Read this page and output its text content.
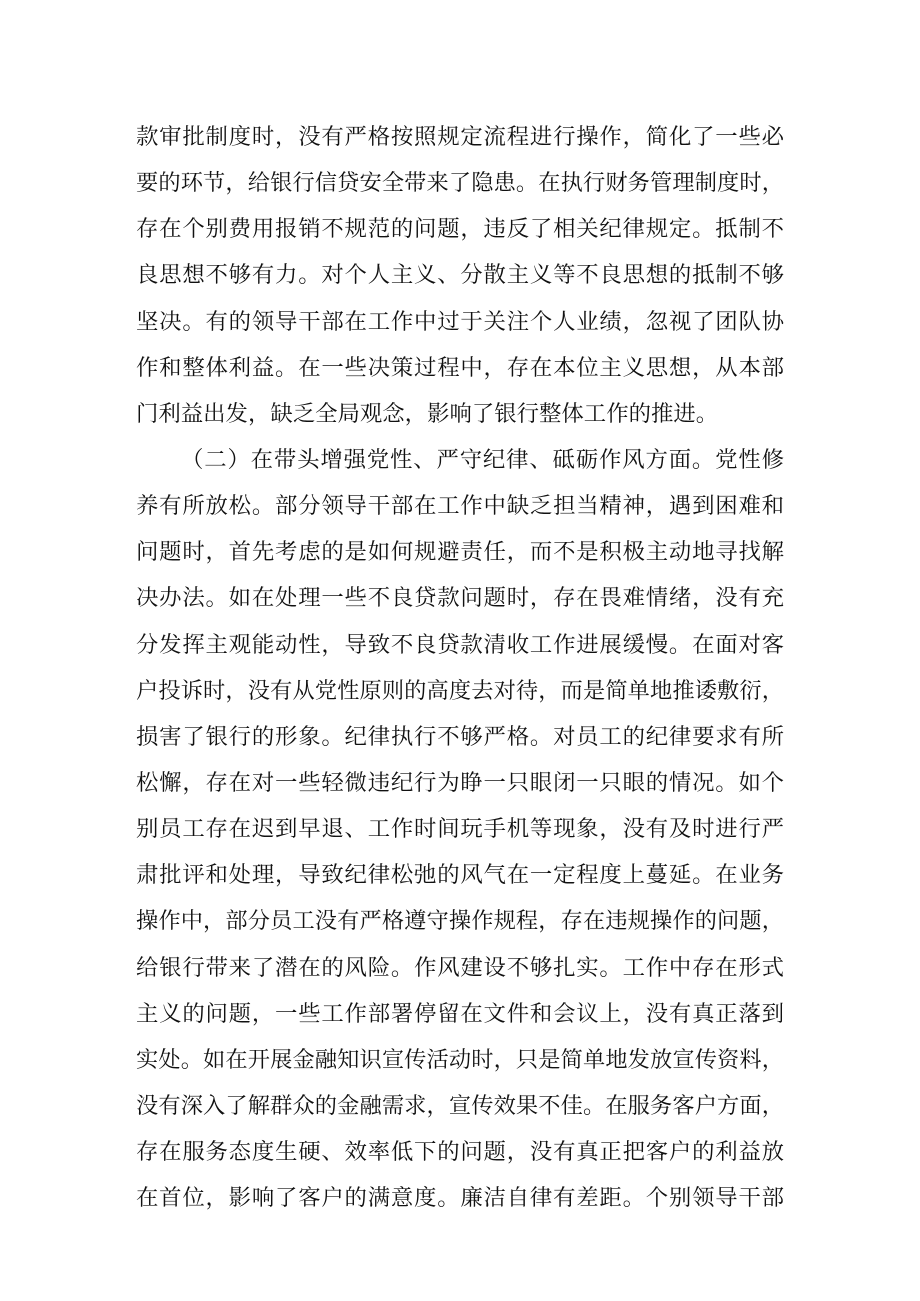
款审批制度时，没有严格按照规定流程进行操作，简化了一些必
要的环节，给银行信贷安全带来了隐患。在执行财务管理制度时，
存在个别费用报销不规范的问题，违反了相关纪律规定。抵制不
良思想不够有力。对个人主义、分散主义等不良思想的抵制不够
坚决。有的领导干部在工作中过于关注个人业绩，忽视了团队协
作和整体利益。在一些决策过程中，存在本位主义思想，从本部
门利益出发，缺乏全局观念，影响了银行整体工作的推进。
（二）在带头增强党性、严守纪律、砥砺作风方面。党性修
养有所放松。部分领导干部在工作中缺乏担当精神，遇到困难和
问题时，首先考虑的是如何规避责任，而不是积极主动地寻找解
决办法。如在处理一些不良贷款问题时，存在畏难情绪，没有充
分发挥主观能动性，导致不良贷款清收工作进展缓慢。在面对客
户投诉时，没有从党性原则的高度去对待，而是简单地推诿敷衍，
损害了银行的形象。纪律执行不够严格。对员工的纪律要求有所
松懈，存在对一些轻微违纪行为睁一只眼闭一只眼的情况。如个
别员工存在迟到早退、工作时间玩手机等现象，没有及时进行严
肃批评和处理，导致纪律松弛的风气在一定程度上蔓延。在业务
操作中，部分员工没有严格遵守操作规程，存在违规操作的问题，
给银行带来了潜在的风险。作风建设不够扎实。工作中存在形式
主义的问题，一些工作部署停留在文件和会议上，没有真正落到
实处。如在开展金融知识宣传活动时，只是简单地发放宣传资料，
没有深入了解群众的金融需求，宣传效果不佳。在服务客户方面，
存在服务态度生硬、效率低下的问题，没有真正把客户的利益放
在首位，影响了客户的满意度。廉洁自律有差距。个别领导干部
